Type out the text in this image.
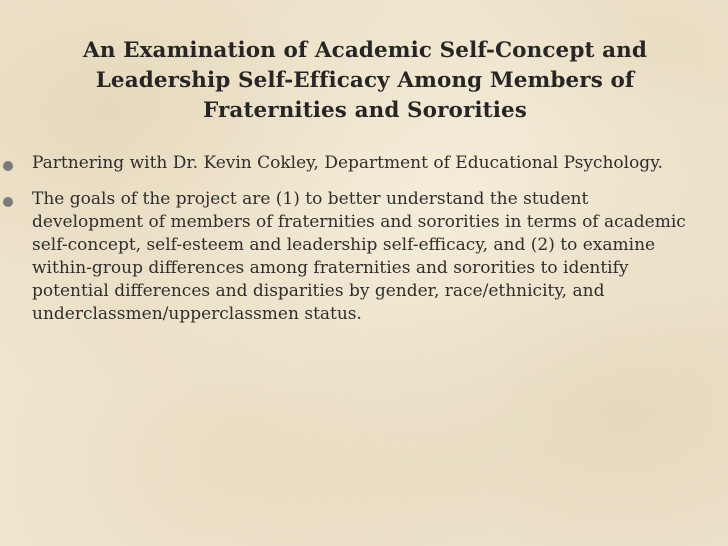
An Examination of Academic Self-Concept and Leadership Self-Efficacy Among Members of Fraternities and Sororities
Partnering with Dr. Kevin Cokley, Department of Educational Psychology.
The goals of the project are (1) to better understand the student development of members of fraternities and sororities in terms of academic self-concept, self-esteem and leadership self-efficacy, and (2) to examine within-group differences among fraternities and sororities to identify potential differences and disparities by gender, race/ethnicity, and underclassmen/upperclassmen status.
